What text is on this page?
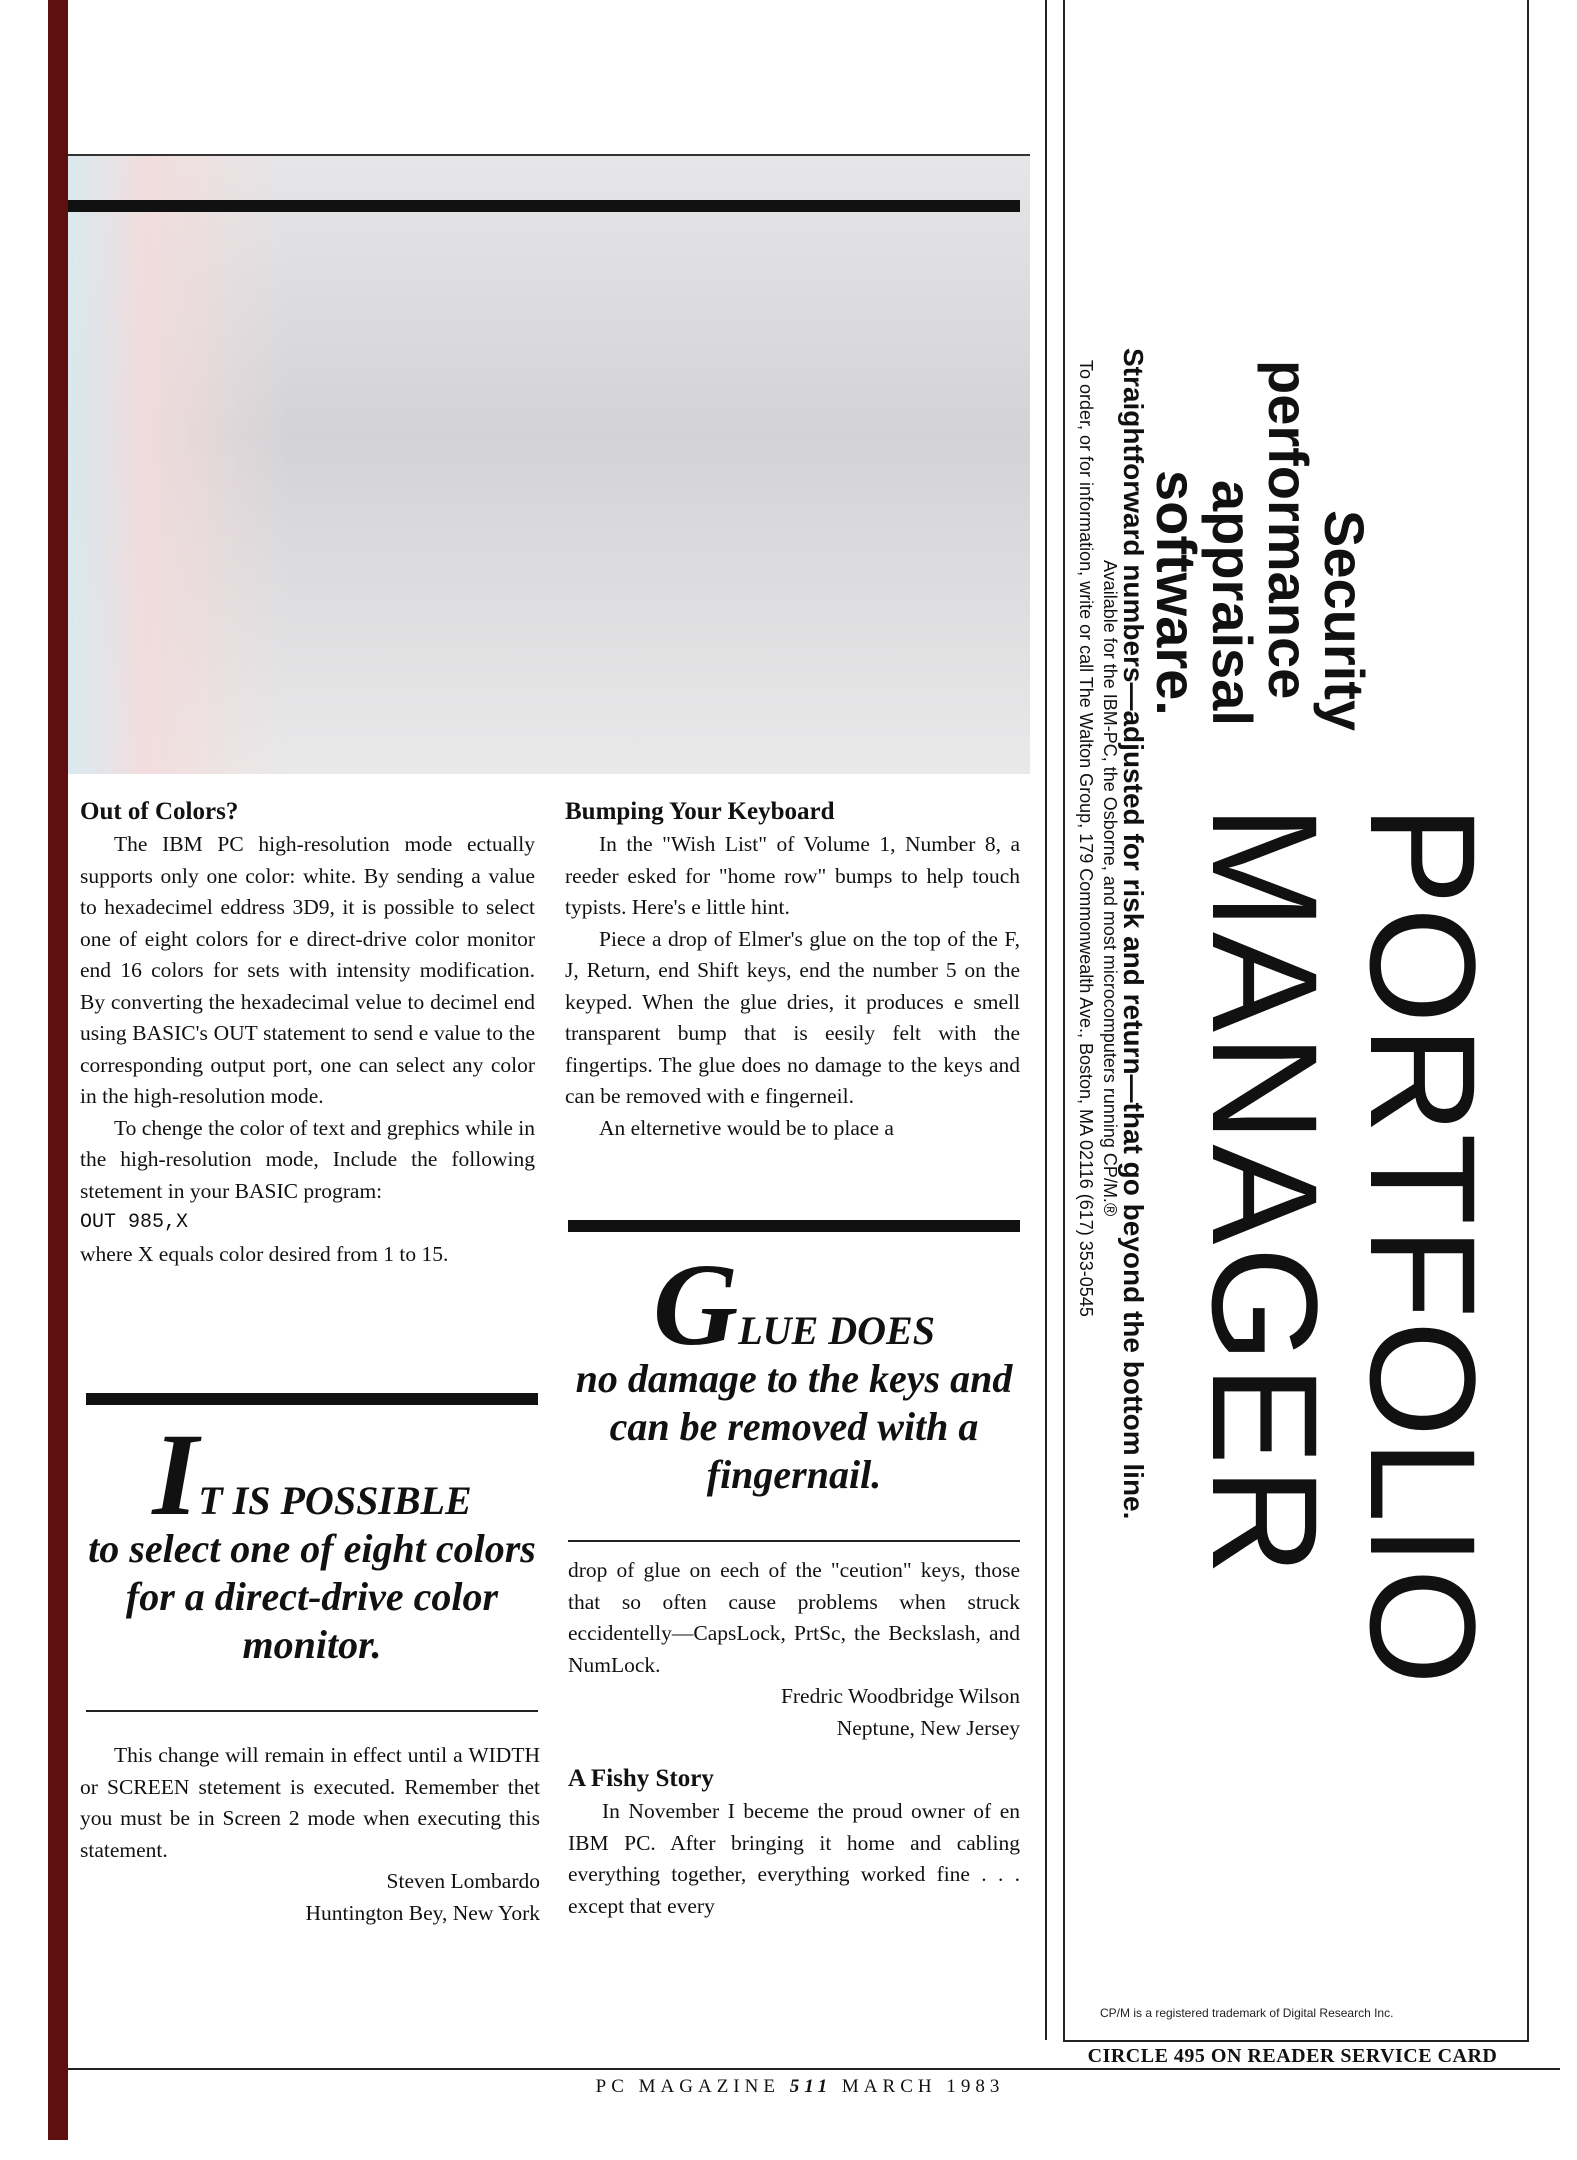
Out of Colors?

The IBM PC high-resolution mode ectually supports only one color: white. By sending a value to hexadecimel eddress 3D9, it is possible to select one of eight colors for e direct-drive color monitor end 16 colors for sets with intensity modification. By converting the hexadecimal velue to decimel end using BASIC's OUT statement to send e value to the corresponding output port, one can select any color in the high-resolution mode.

To chenge the color of text and grephics while in the high-resolution mode, Include the following stetement in your BASIC program:

OUT 985,X

where X equals color desired from 1 to 15.

IT IS POSSIBLE
to select one of eight colors for a direct-drive color monitor.

This change will remain in effect until a WIDTH or SCREEN stetement is executed. Remember thet you must be in Screen 2 mode when executing this statement.

Steven Lombardo

Huntington Bey, New York

Bumping Your Keyboard

In the "Wish List" of Volume 1, Number 8, a reeder esked for "home row" bumps to help touch typists. Here's e little hint.

Piece a drop of Elmer's glue on the top of the F, J, Return, end Shift keys, end the number 5 on the keyped. When the glue dries, it produces e smell transparent bump that is eesily felt with the fingertips. The glue does no damage to the keys and can be removed with e fingerneil.

An elternetive would be to place a

GLUE DOES
no damage to the keys and can be removed with a fingernail.

drop of glue on eech of the "ceution" keys, those that so often cause problems when struck eccidentelly—CapsLock, PrtSc, the Beckslash, and NumLock.

Fredric Woodbridge Wilson

Neptune, New Jersey

A Fishy Story

In November I beceme the proud owner of en IBM PC. After bringing it home and cabling everything together, everything worked fine . . . except that every

PORTFOLIO
MANAGER
Security
performance
appraisal
software.
Straightforward numbers—adjusted for risk and return—that go beyond the bottom line.
Available for the IBM-PC, the Osborne, and most microcomputers running CP/M.®
To order, or for information, write or call The Walton Group, 179 Commonwealth Ave., Boston, MA 02116 (617) 353-0545
CP/M is a registered trademark of Digital Research Inc.
CIRCLE 495 ON READER SERVICE CARD
PC MAGAZINE 511 MARCH 1983
